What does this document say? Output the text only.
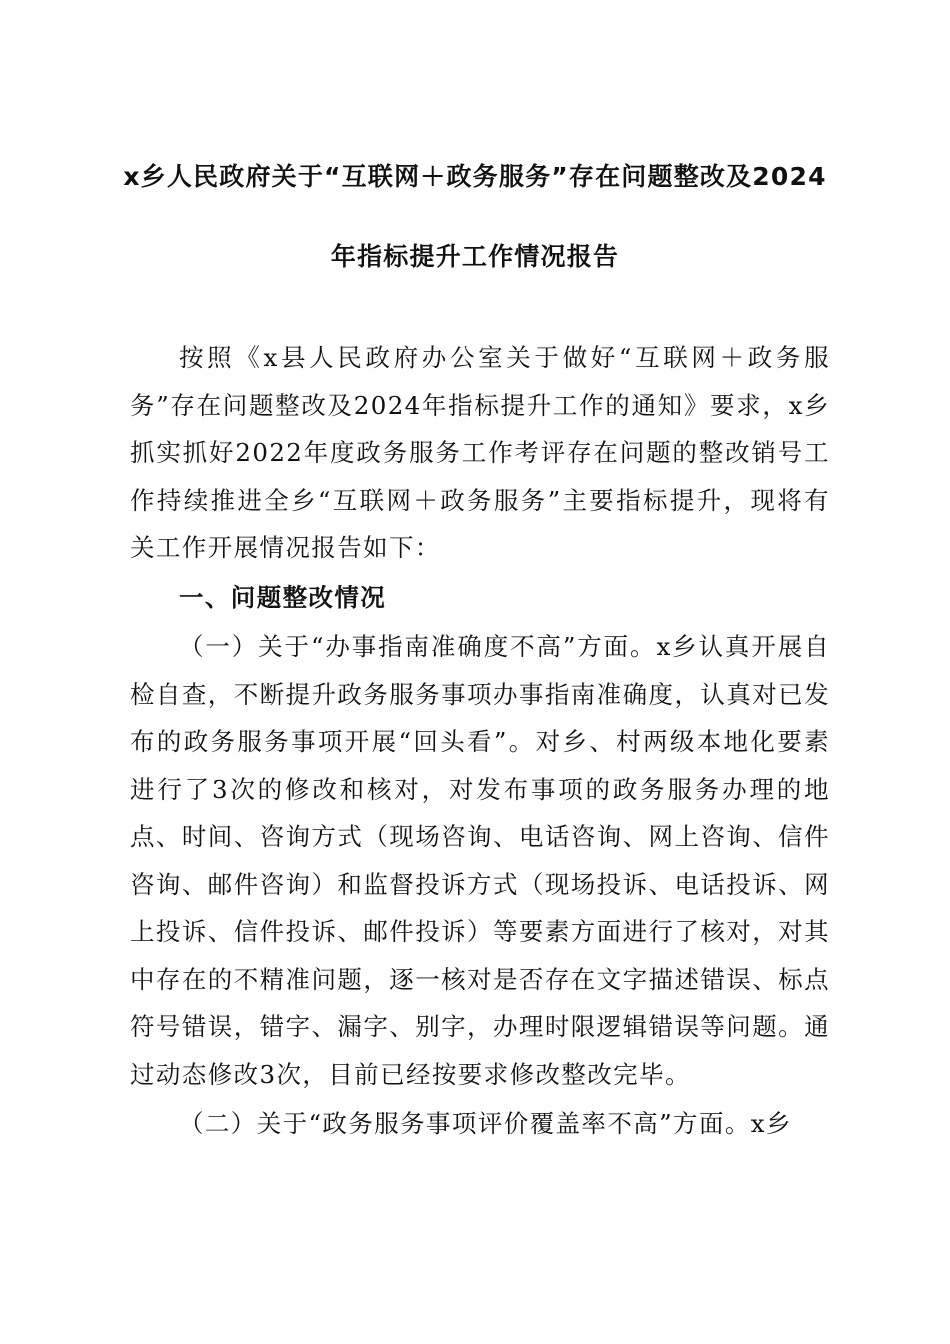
x乡人民政府关于“互联网＋政务服务”存在问题整改及2024
年指标提升工作情况报告

按照《x县人民政府办公室关于做好“互联网＋政务服务”存在问题整改及2024年指标提升工作的通知》要求，x乡抓实抓好2022年度政务服务工作考评存在问题的整改销号工作持续推进全乡“互联网＋政务服务”主要指标提升，现将有关工作开展情况报告如下：

一、问题整改情况

（一）关于“办事指南准确度不高”方面。x乡认真开展自检自查，不断提升政务服务事项办事指南准确度，认真对已发布的政务服务事项开展“回头看”。对乡、村两级本地化要素进行了3次的修改和核对，对发布事项的政务服务办理的地点、时间、咨询方式（现场咨询、电话咨询、网上咨询、信件咨询、邮件咨询）和监督投诉方式（现场投诉、电话投诉、网上投诉、信件投诉、邮件投诉）等要素方面进行了核对，对其中存在的不精准问题，逐一核对是否存在文字描述错误、标点符号错误，错字、漏字、别字，办理时限逻辑错误等问题。通过动态修改3次，目前已经按要求修改整改完毕。

（二）关于“政务服务事项评价覆盖率不高”方面。x乡
